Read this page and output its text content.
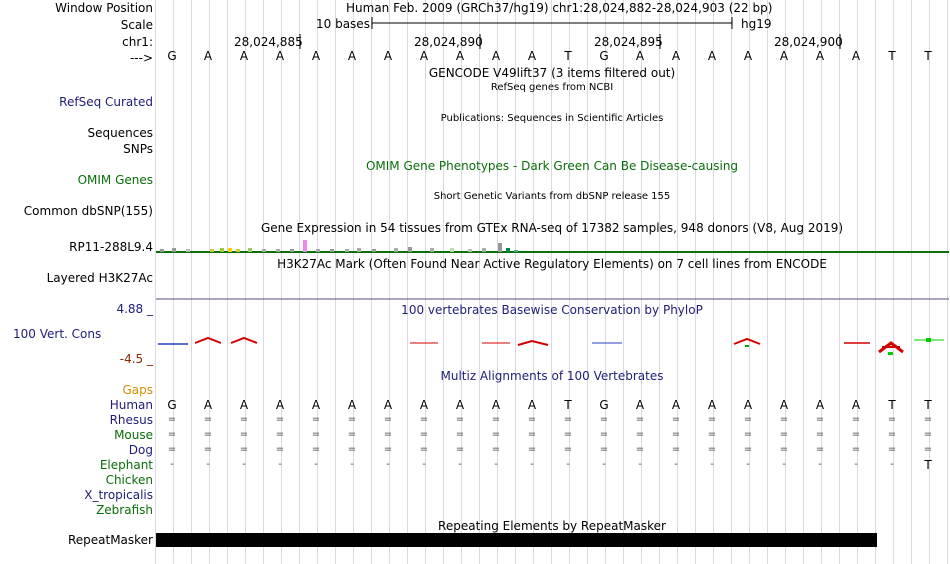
Window Position	Human Feb. 2009 (GRCh37/hg19) chr1:28,024,882-28,024,903 (22 bp)
Scale	10 bases	hg19
chr1:	28,024,885	28,024,890	28,024,895	28,024,900
---> G A A A A A A A A A A T G A A A A A A A T T
GENCODE V49lift37 (3 items filtered out)
RefSeq genes from NCBI
RefSeq Curated
Publications: Sequences in Scientific Articles
Sequences
SNPs
OMIM Gene Phenotypes - Dark Green Can Be Disease-causing
OMIM Genes
Short Genetic Variants from dbSNP release 155
Common dbSNP(155)
Gene Expression in 54 tissues from GTEx RNA-seq of 17382 samples, 948 donors (V8, Aug 2019)
RP11-288L9.4
H3K27Ac Mark (Often Found Near Active Regulatory Elements) on 7 cell lines from ENCODE
Layered H3K27Ac
100 vertebrates Basewise Conservation by PhyloP
4.88 _
100 Vert. Cons
-4.5 _
Multiz Alignments of 100 Vertebrates
Gaps
Human G A A A A A A A A A A T G A A A A A A A T T
Rhesus =	=	=	=	=	=	=	=	=	=	=	=	=	=	=	=	=	=	=	=	=	=
Mouse =	=	=	=	=	=	=	=	=	=	=	=	=	=	=	=	=	=	=	=	=	=
Dog =	=	=	=	=	=	=	=	=	=	=	=	=	=	=	=	=	=	=	=	=	=
Elephant -	-	-	-	-	-	-	-	-	-	-	-	-	-	-	-	-	-	-	-	-	T
Chicken
X_tropicalis
Zebrafish
Repeating Elements by RepeatMasker
RepeatMasker
